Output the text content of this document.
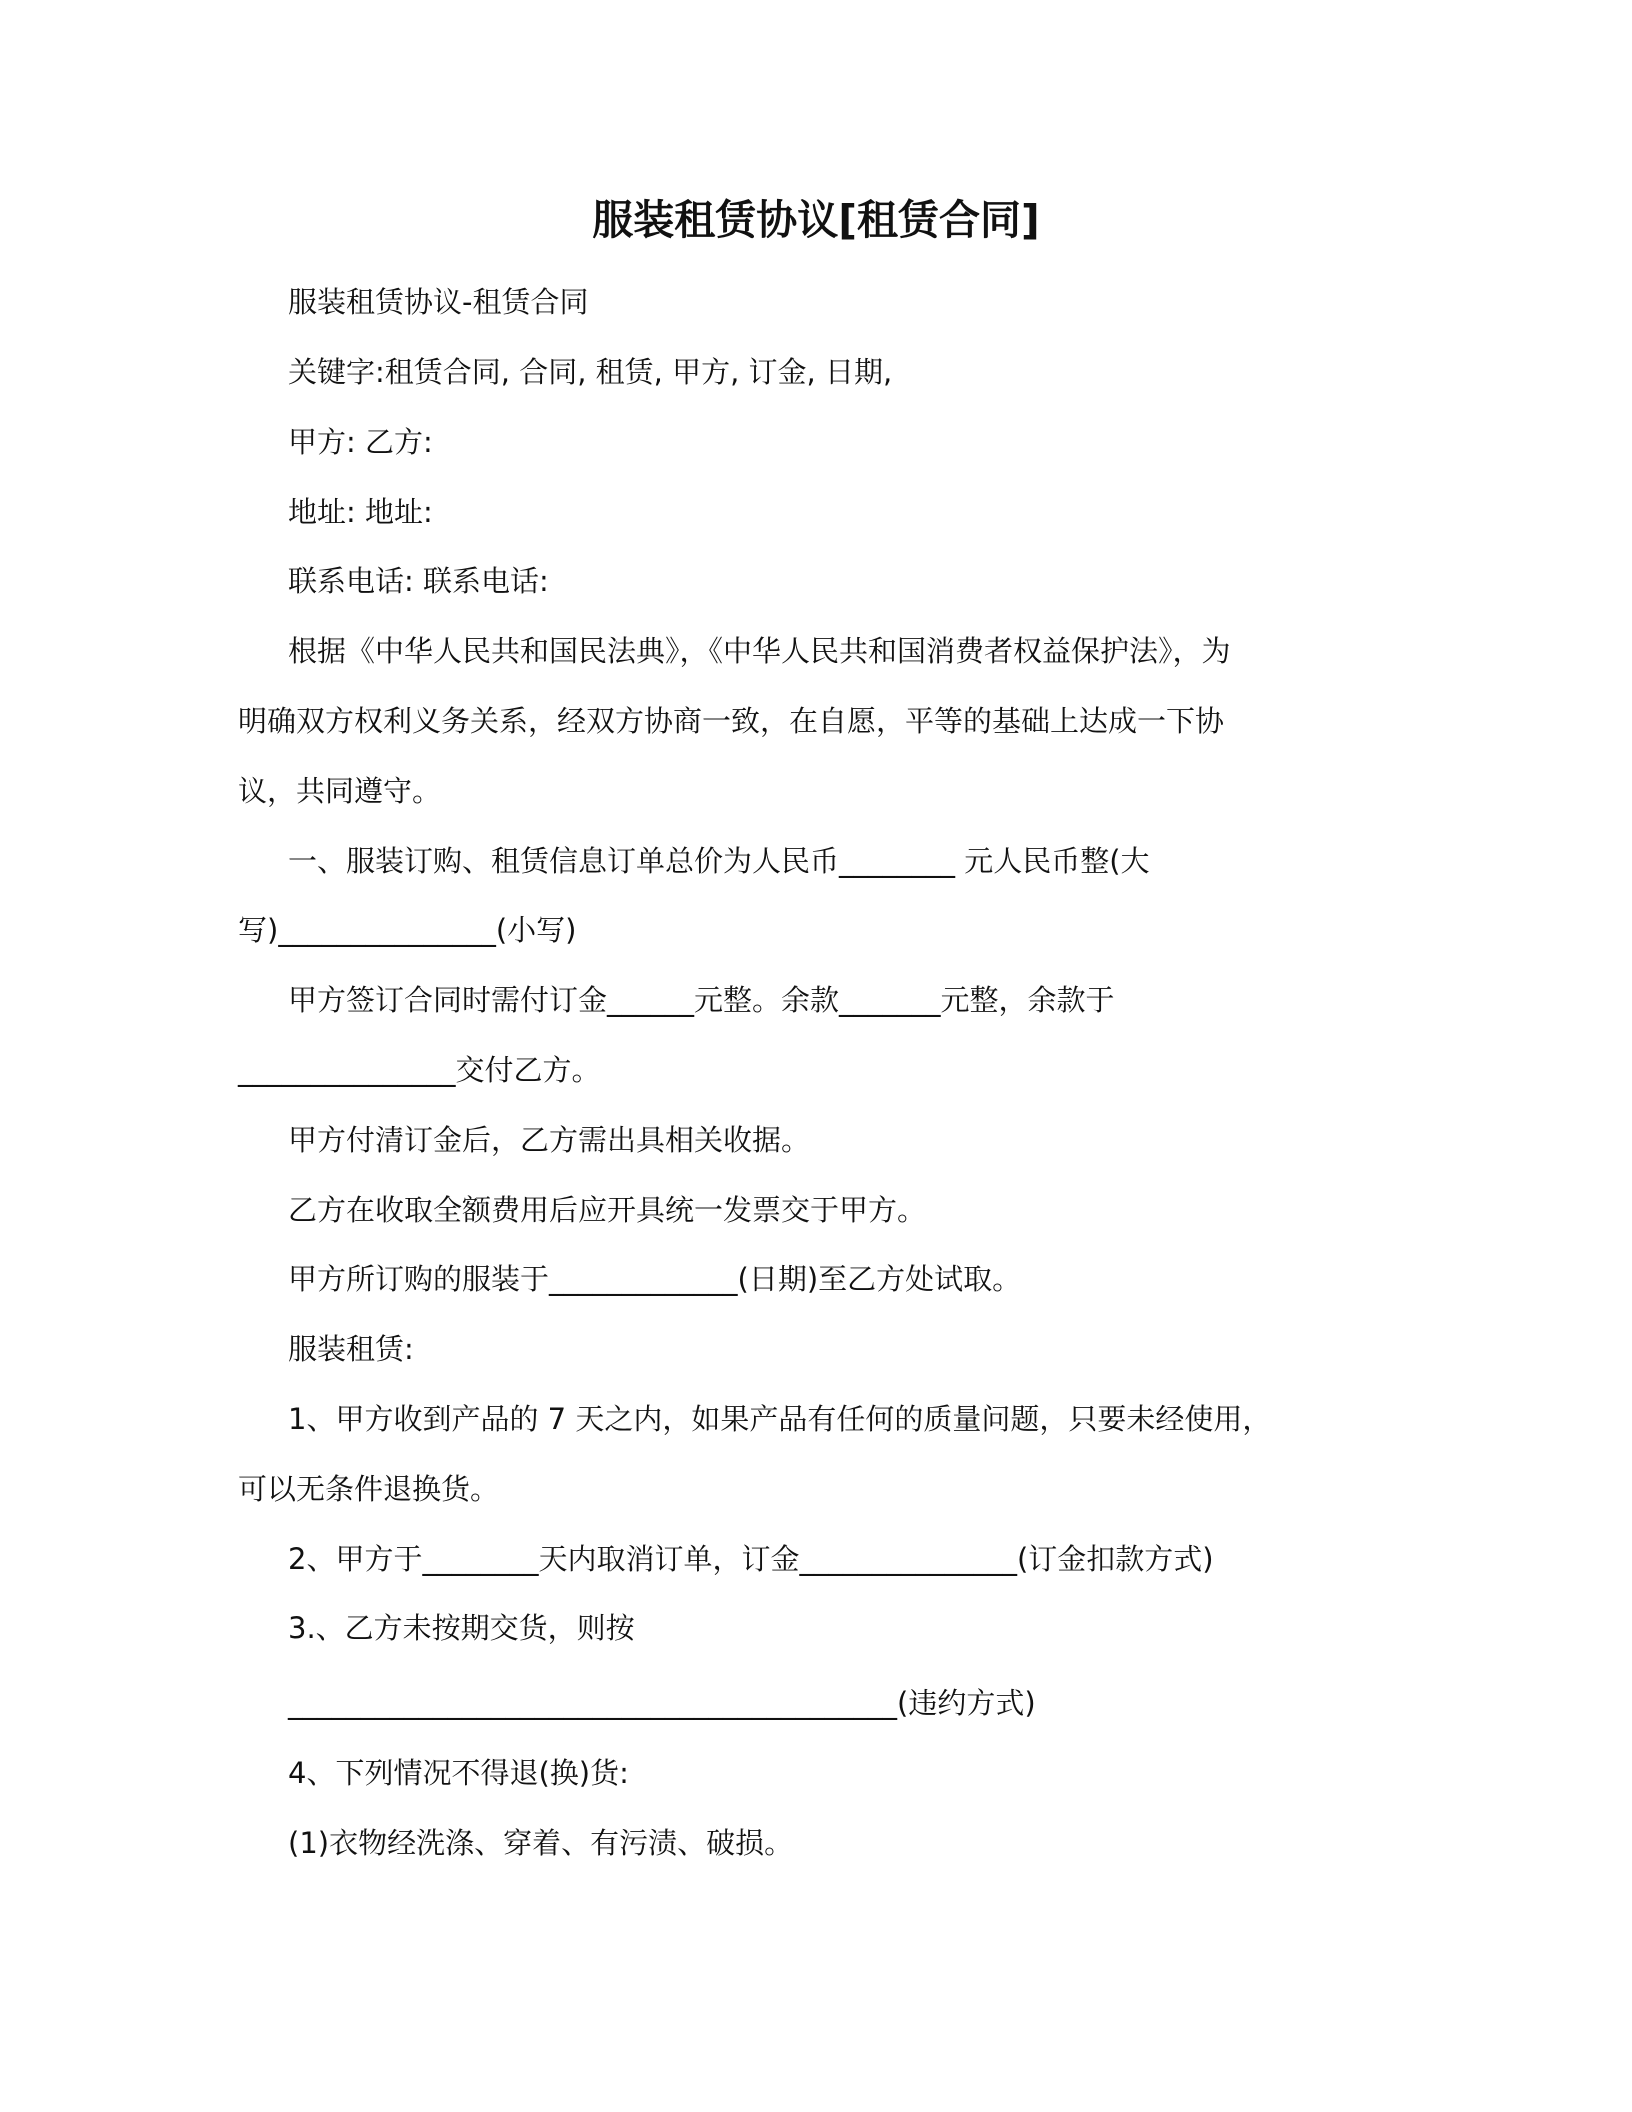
服装租赁协议[租赁合同]
服装租赁协议-租赁合同
关键字:租赁合同, 合同, 租赁, 甲方, 订金, 日期,
甲方: 乙方:
地址: 地址:
联系电话: 联系电话:
根据《中华人民共和国民法典》，《中华人民共和国消费者权益保护法》，为
明确双方权利义务关系，经双方协商一致，在自愿，平等的基础上达成一下协
议，共同遵守。
一、服装订购、租赁信息订单总价为人民币________ 元人民币整(大
写)_______________(小写)
甲方签订合同时需付订金______元整。余款_______元整，余款于
_______________交付乙方。
甲方付清订金后，乙方需出具相关收据。
乙方在收取全额费用后应开具统一发票交于甲方。
甲方所订购的服装于_____________(日期)至乙方处试取。
服装租赁:
1、甲方收到产品的 7 天之内，如果产品有任何的质量问题，只要未经使用，
可以无条件退换货。
2、甲方于________天内取消订单，订金_______________(订金扣款方式)
3.、乙方未按期交货，则按
__________________________________________(违约方式)
4、下列情况不得退(换)货:
(1)衣物经洗涤、穿着、有污渍、破损。
